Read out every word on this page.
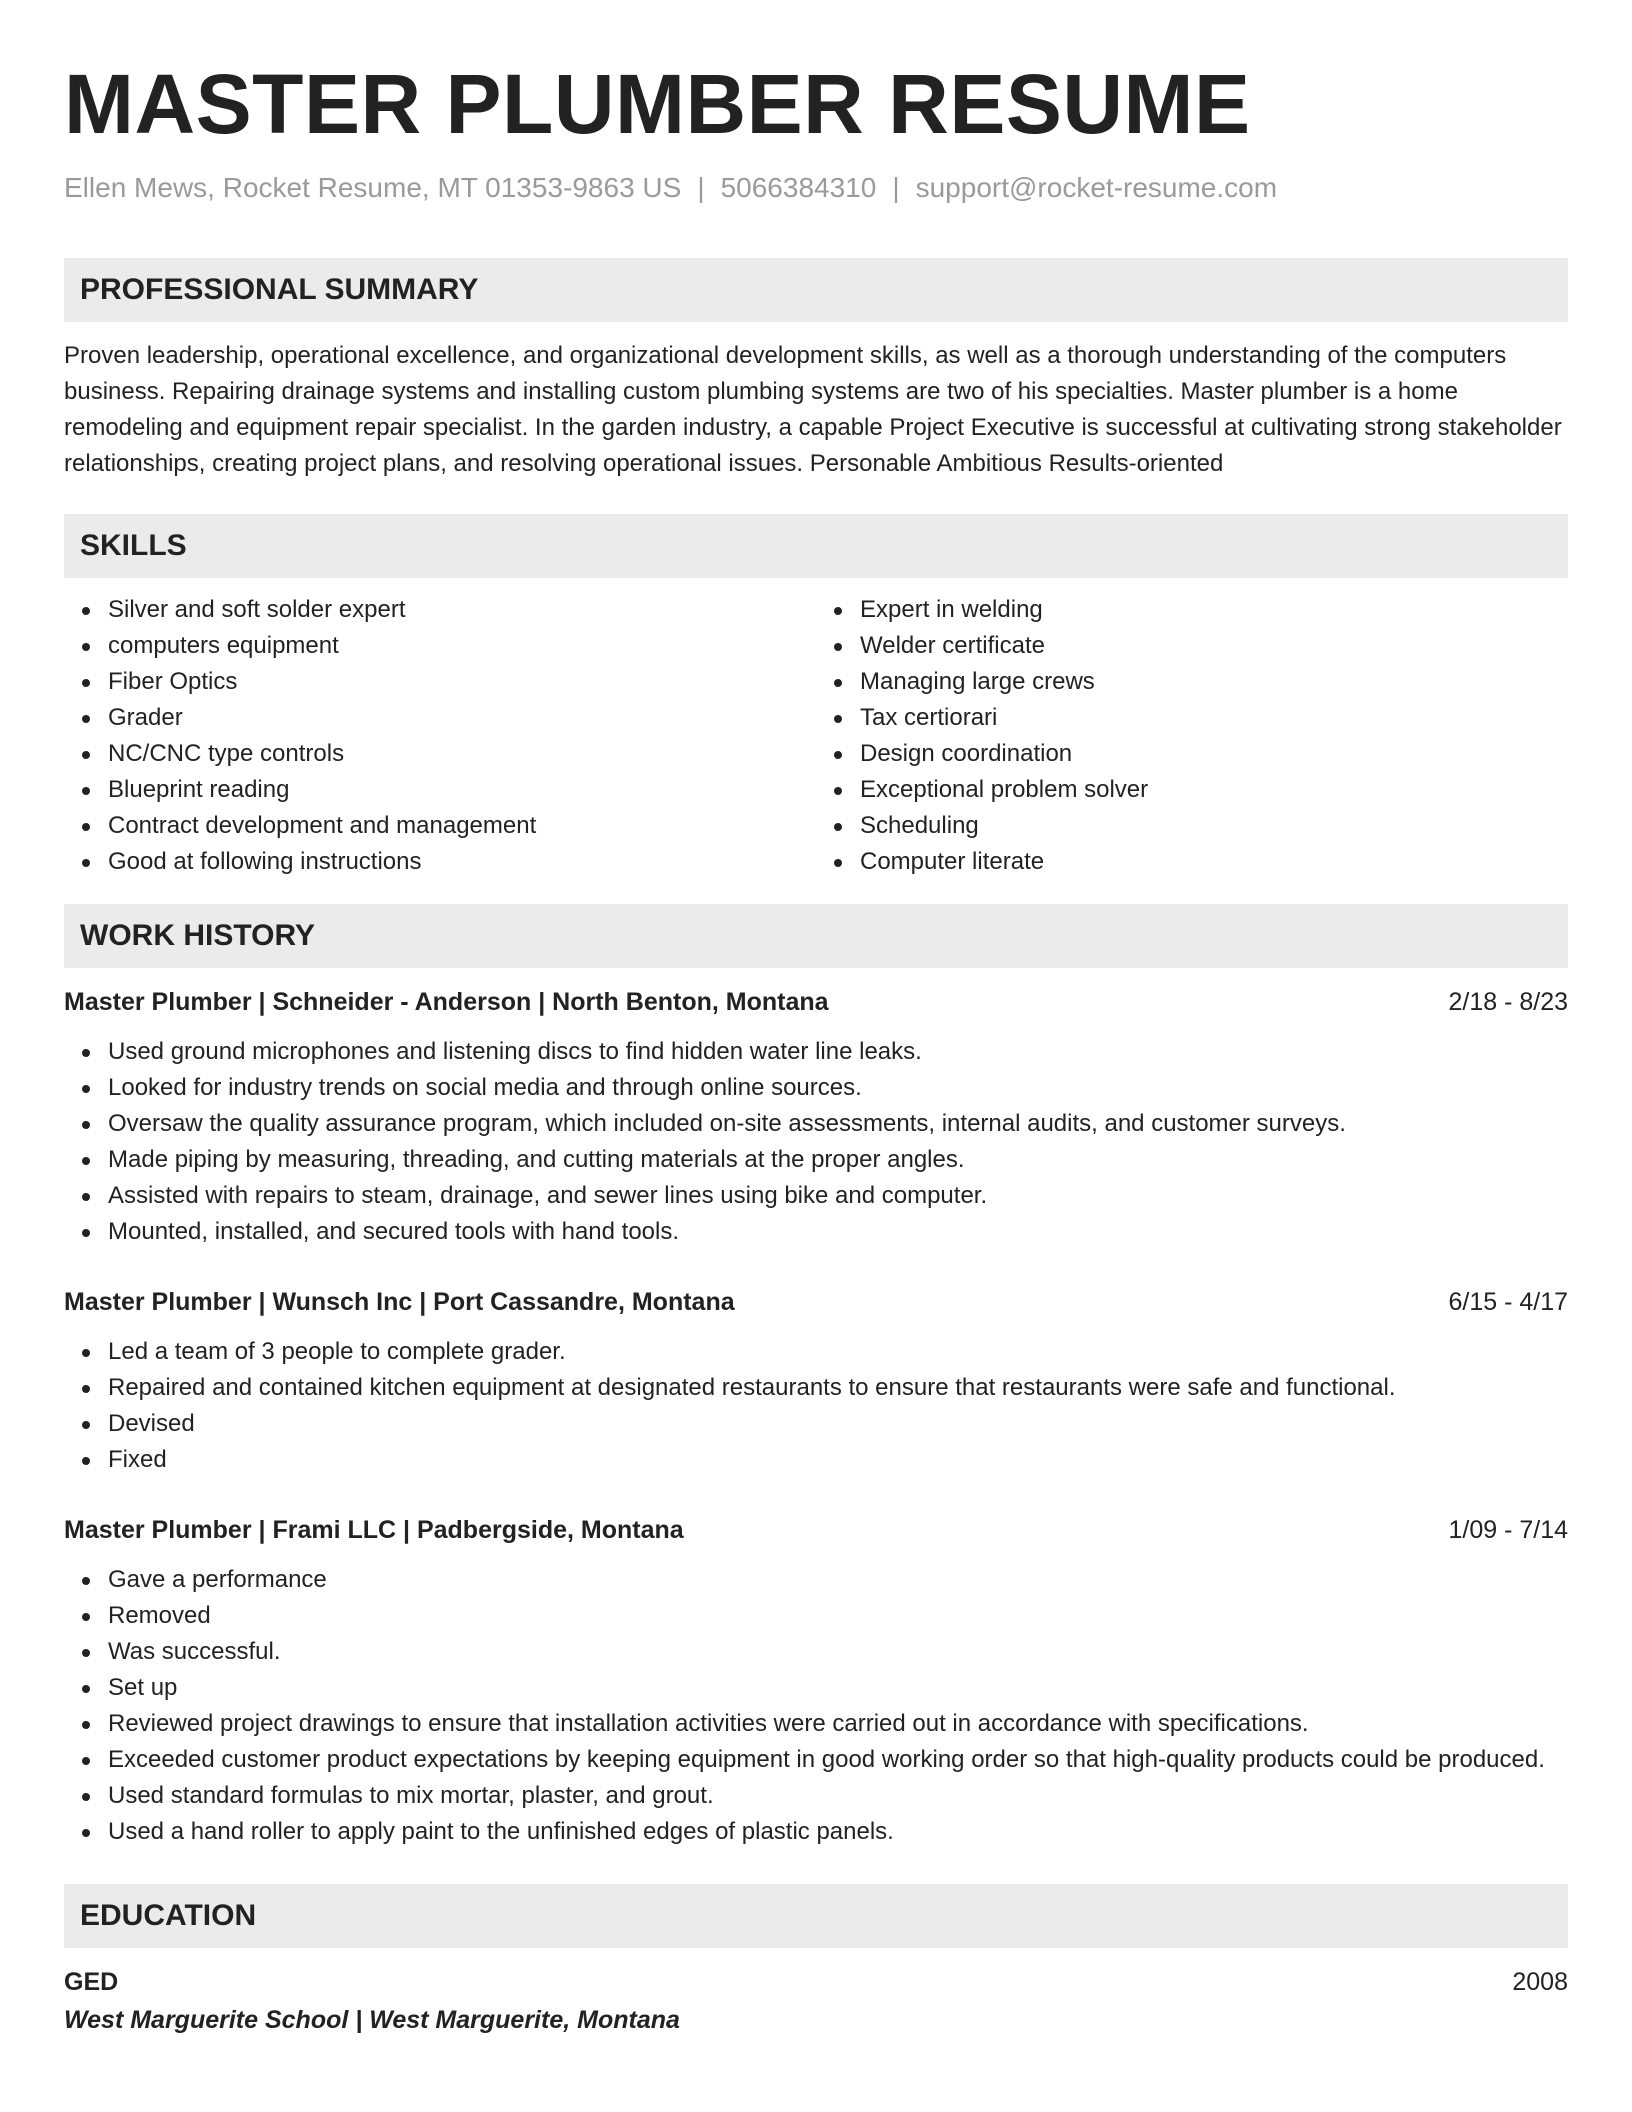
MASTER PLUMBER RESUME
Ellen Mews, Rocket Resume, MT 01353-9863 US | 5066384310 | support@rocket-resume.com
PROFESSIONAL SUMMARY
Proven leadership, operational excellence, and organizational development skills, as well as a thorough understanding of the computers business. Repairing drainage systems and installing custom plumbing systems are two of his specialties. Master plumber is a home remodeling and equipment repair specialist. In the garden industry, a capable Project Executive is successful at cultivating strong stakeholder relationships, creating project plans, and resolving operational issues. Personable Ambitious Results-oriented
SKILLS
Silver and soft solder expert
computers equipment
Fiber Optics
Grader
NC/CNC type controls
Blueprint reading
Contract development and management
Good at following instructions
Expert in welding
Welder certificate
Managing large crews
Tax certiorari
Design coordination
Exceptional problem solver
Scheduling
Computer literate
WORK HISTORY
Master Plumber | Schneider - Anderson | North Benton, Montana	2/18 - 8/23
Used ground microphones and listening discs to find hidden water line leaks.
Looked for industry trends on social media and through online sources.
Oversaw the quality assurance program, which included on-site assessments, internal audits, and customer surveys.
Made piping by measuring, threading, and cutting materials at the proper angles.
Assisted with repairs to steam, drainage, and sewer lines using bike and computer.
Mounted, installed, and secured tools with hand tools.
Master Plumber | Wunsch Inc | Port Cassandre, Montana	6/15 - 4/17
Led a team of 3 people to complete grader.
Repaired and contained kitchen equipment at designated restaurants to ensure that restaurants were safe and functional.
Devised
Fixed
Master Plumber | Frami LLC | Padbergside, Montana	1/09 - 7/14
Gave a performance
Removed
Was successful.
Set up
Reviewed project drawings to ensure that installation activities were carried out in accordance with specifications.
Exceeded customer product expectations by keeping equipment in good working order so that high-quality products could be produced.
Used standard formulas to mix mortar, plaster, and grout.
Used a hand roller to apply paint to the unfinished edges of plastic panels.
EDUCATION
GED	2008
West Marguerite School | West Marguerite, Montana
